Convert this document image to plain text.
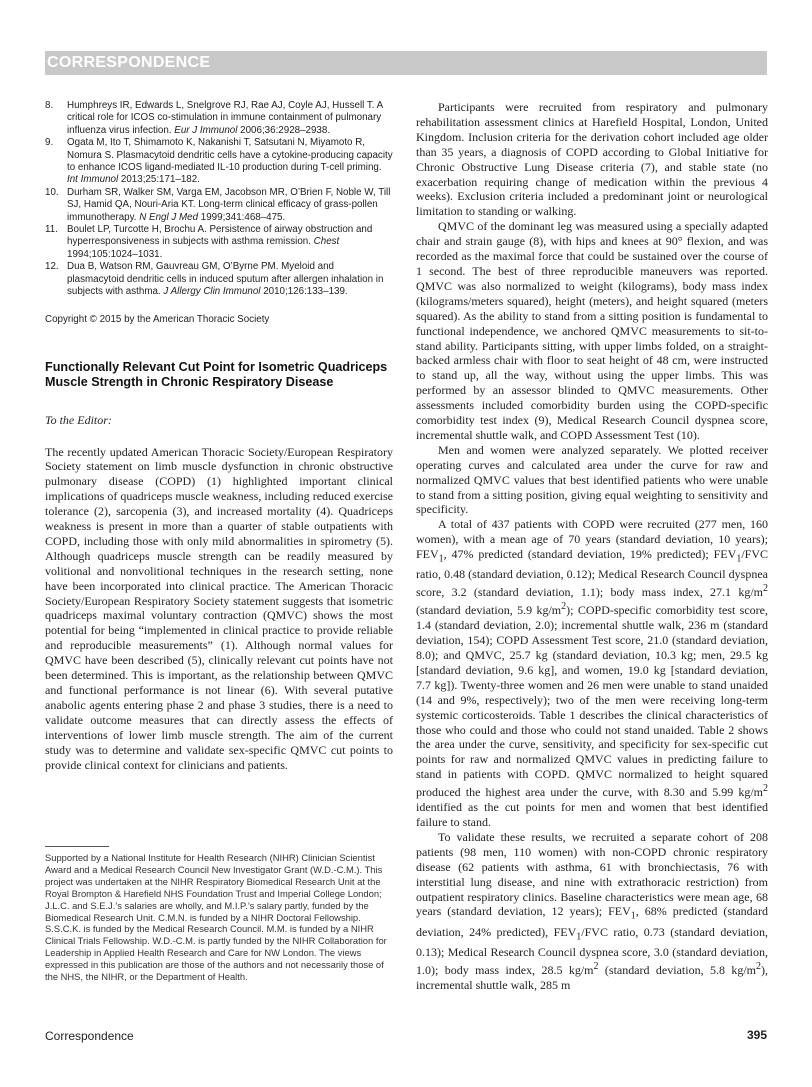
CORRESPONDENCE
8. Humphreys IR, Edwards L, Snelgrove RJ, Rae AJ, Coyle AJ, Hussell T. A critical role for ICOS co-stimulation in immune containment of pulmonary influenza virus infection. Eur J Immunol 2006;36:2928–2938.
9. Ogata M, Ito T, Shimamoto K, Nakanishi T, Satsutani N, Miyamoto R, Nomura S. Plasmacytoid dendritic cells have a cytokine-producing capacity to enhance ICOS ligand-mediated IL-10 production during T-cell priming. Int Immunol 2013;25:171–182.
10. Durham SR, Walker SM, Varga EM, Jacobson MR, O’Brien F, Noble W, Till SJ, Hamid QA, Nouri-Aria KT. Long-term clinical efficacy of grass-pollen immunotherapy. N Engl J Med 1999;341:468–475.
11. Boulet LP, Turcotte H, Brochu A. Persistence of airway obstruction and hyperresponsiveness in subjects with asthma remission. Chest 1994;105:1024–1031.
12. Dua B, Watson RM, Gauvreau GM, O’Byrne PM. Myeloid and plasmacytoid dendritic cells in induced sputum after allergen inhalation in subjects with asthma. J Allergy Clin Immunol 2010;126:133–139.
Copyright © 2015 by the American Thoracic Society
Functionally Relevant Cut Point for Isometric Quadriceps Muscle Strength in Chronic Respiratory Disease
To the Editor:

The recently updated American Thoracic Society/European Respiratory Society statement on limb muscle dysfunction in chronic obstructive pulmonary disease (COPD) (1) highlighted important clinical implications of quadriceps muscle weakness, including reduced exercise tolerance (2), sarcopenia (3), and increased mortality (4). Quadriceps weakness is present in more than a quarter of stable outpatients with COPD, including those with only mild abnormalities in spirometry (5). Although quadriceps muscle strength can be readily measured by volitional and nonvolitional techniques in the research setting, none have been incorporated into clinical practice. The American Thoracic Society/European Respiratory Society statement suggests that isometric quadriceps maximal voluntary contraction (QMVC) shows the most potential for being “implemented in clinical practice to provide reliable and reproducible measurements” (1). Although normal values for QMVC have been described (5), clinically relevant cut points have not been determined. This is important, as the relationship between QMVC and functional performance is not linear (6). With several putative anabolic agents entering phase 2 and phase 3 studies, there is a need to validate outcome measures that can directly assess the effects of interventions of lower limb muscle strength. The aim of the current study was to determine and validate sex-specific QMVC cut points to provide clinical context for clinicians and patients.

Supported by a National Institute for Health Research (NIHR) Clinician Scientist Award and a Medical Research Council New Investigator Grant (W.D.-C.M.). This project was undertaken at the NIHR Respiratory Biomedical Research Unit at the Royal Brompton & Harefield NHS Foundation Trust and Imperial College London; J.L.C. and S.E.J.’s salaries are wholly, and M.I.P.’s salary partly, funded by the Biomedical Research Unit. C.M.N. is funded by a NIHR Doctoral Fellowship. S.S.C.K. is funded by the Medical Research Council. M.M. is funded by a NIHR Clinical Trials Fellowship. W.D.-C.M. is partly funded by the NIHR Collaboration for Leadership in Applied Health Research and Care for NW London. The views expressed in this publication are those of the authors and not necessarily those of the NHS, the NIHR, or the Department of Health.

Participants were recruited from respiratory and pulmonary rehabilitation assessment clinics at Harefield Hospital, London, United Kingdom. Inclusion criteria for the derivation cohort included age older than 35 years, a diagnosis of COPD according to Global Initiative for Chronic Obstructive Lung Disease criteria (7), and stable state (no exacerbation requiring change of medication within the previous 4 weeks). Exclusion criteria included a predominant joint or neurological limitation to standing or walking.

QMVC of the dominant leg was measured using a specially adapted chair and strain gauge (8), with hips and knees at 90° flexion, and was recorded as the maximal force that could be sustained over the course of 1 second. The best of three reproducible maneuvers was reported. QMVC was also normalized to weight (kilograms), body mass index (kilograms/meters squared), height (meters), and height squared (meters squared). As the ability to stand from a sitting position is fundamental to functional independence, we anchored QMVC measurements to sit-to-stand ability. Participants sitting, with upper limbs folded, on a straight-backed armless chair with floor to seat height of 48 cm, were instructed to stand up, all the way, without using the upper limbs. This was performed by an assessor blinded to QMVC measurements. Other assessments included comorbidity burden using the COPD-specific comorbidity test index (9), Medical Research Council dyspnea score, incremental shuttle walk, and COPD Assessment Test (10).

Men and women were analyzed separately. We plotted receiver operating curves and calculated area under the curve for raw and normalized QMVC values that best identified patients who were unable to stand from a sitting position, giving equal weighting to sensitivity and specificity.

A total of 437 patients with COPD were recruited (277 men, 160 women), with a mean age of 70 years (standard deviation, 10 years); $FEV_1$, 47% predicted (standard deviation, 19% predicted); $FEV_1$/FVC ratio, 0.48 (standard deviation, 0.12); Medical Research Council dyspnea score, 3.2 (standard deviation, 1.1); body mass index, 27.1 $kg/m^2$ (standard deviation, 5.9 $kg/m^2$); COPD-specific comorbidity test score, 1.4 (standard deviation, 2.0); incremental shuttle walk, 236 m (standard deviation, 154); COPD Assessment Test score, 21.0 (standard deviation, 8.0); and QMVC, 25.7 kg (standard deviation, 10.3 kg; men, 29.5 kg [standard deviation, 9.6 kg], and women, 19.0 kg [standard deviation, 7.7 kg]). Twenty-three women and 26 men were unable to stand unaided (14 and 9%, respectively); two of the men were receiving long-term systemic corticosteroids. Table 1 describes the clinical characteristics of those who could and those who could not stand unaided. Table 2 shows the area under the curve, sensitivity, and specificity for sex-specific cut points for raw and normalized QMVC values in predicting failure to stand in patients with COPD. QMVC normalized to height squared produced the highest area under the curve, with 8.30 and 5.99 $kg/m^2$ identified as the cut points for men and women that best identified failure to stand.

To validate these results, we recruited a separate cohort of 208 patients (98 men, 110 women) with non-COPD chronic respiratory disease (62 patients with asthma, 61 with bronchiectasis, 76 with interstitial lung disease, and nine with extrathoracic restriction) from outpatient respiratory clinics. Baseline characteristics were mean age, 68 years (standard deviation, 12 years); $FEV_1$, 68% predicted (standard deviation, 24% predicted), $FEV_1$/FVC ratio, 0.73 (standard deviation, 0.13); Medical Research Council dyspnea score, 3.0 (standard deviation, 1.0); body mass index, 28.5 $kg/m^2$ (standard deviation, 5.8 $kg/m^2$), incremental shuttle walk, 285 m

Correspondence	395
